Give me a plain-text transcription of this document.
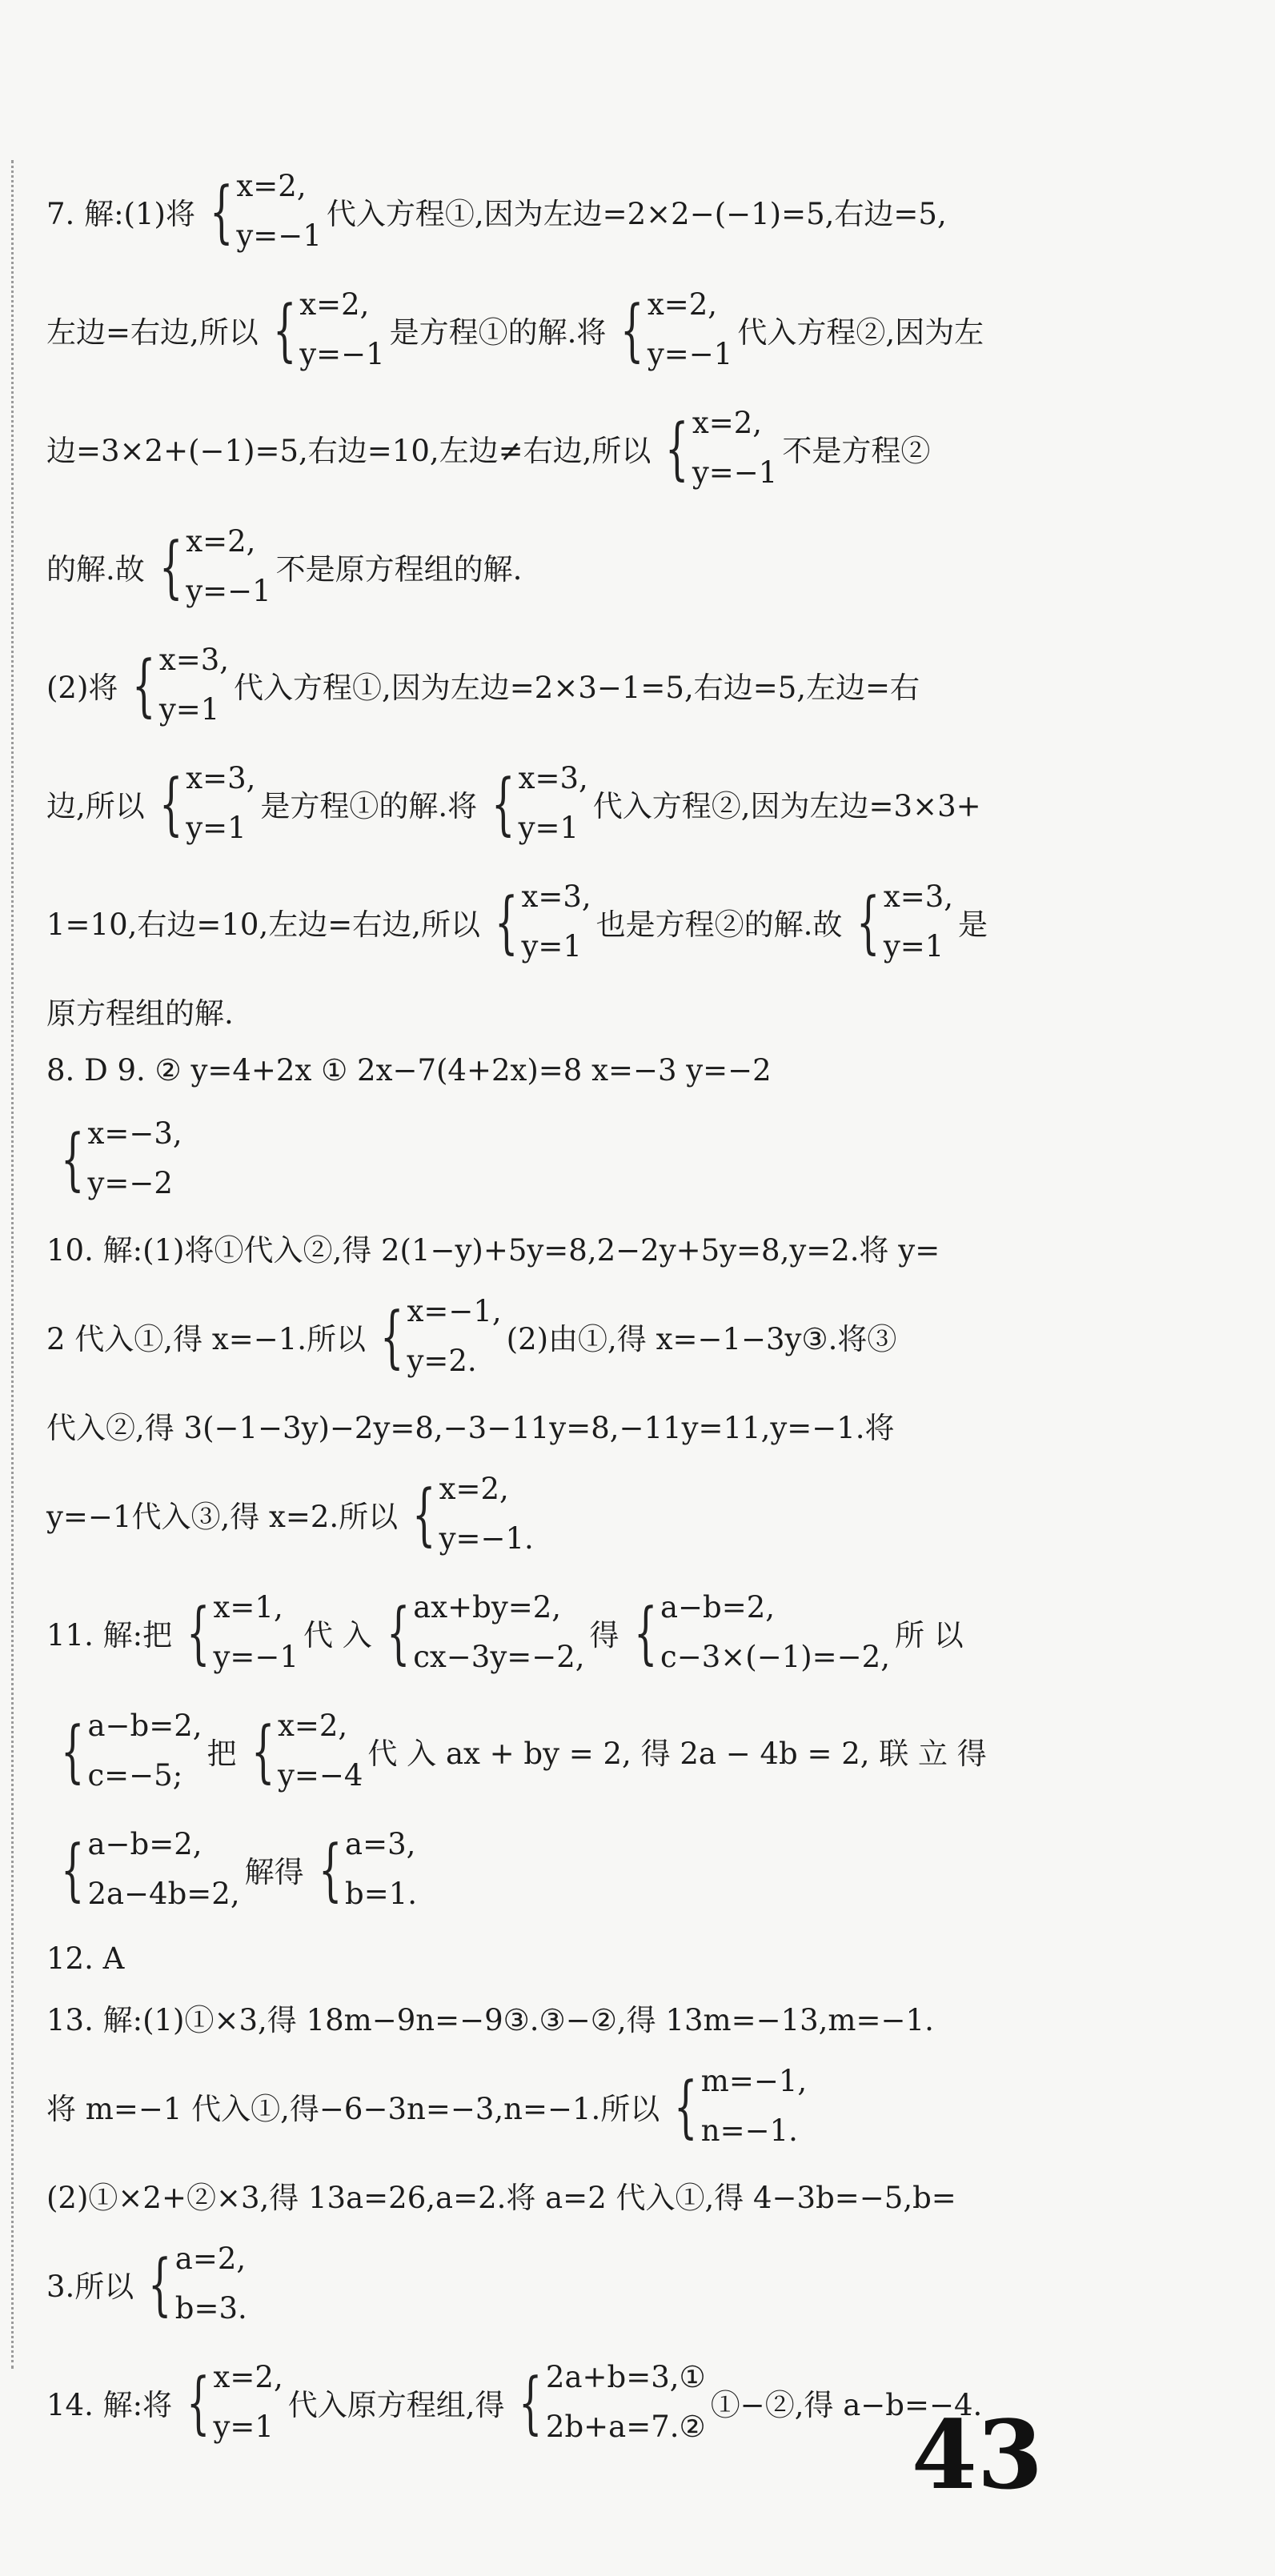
7. 解:(1)将 { x=2,
y=−1
代入方程①,因为左边=2×2−(−1)=5,右边=5,
左边=右边,所以 { x=2,
y=−1
是方程①的解.将 { x=2,
y=−1
代入方程②,因为左
边=3×2+(−1)=5,右边=10,左边≠右边,所以 { x=2,
y=−1
不是方程②
的解.故 { x=2,
y=−1
不是原方程组的解.
(2)将 { x=3,
y=1
代入方程①,因为左边=2×3−1=5,右边=5,左边=右
边,所以 { x=3,
y=1
是方程①的解.将 { x=3,
y=1
代入方程②,因为左边=3×3+
1=10,右边=10,左边=右边,所以 { x=3,
y=1
也是方程②的解.故 { x=3,
y=1
是
原方程组的解.
8. D 9. ② y=4+2x ① 2x−7(4+2x)=8 x=−3 y=−2
{ x=−3,
y=−2
10. 解:(1)将①代入②,得 2(1−y)+5y=8,2−2y+5y=8,y=2.将 y=
2 代入①,得 x=−1.所以 { x=−1,
y=2.
(2)由①,得 x=−1−3y③.将③
代入②,得 3(−1−3y)−2y=8,−3−11y=8,−11y=11,y=−1.将
y=−1代入③,得 x=2.所以 { x=2,
y=−1.
11. 解:把 { x=1,
y=−1
代 入 { ax+by=2,
cx−3y=−2,
得 { a−b=2,
c−3×(−1)=−2,
所 以
{ a−b=2,
c=−5;
把 { x=2,
y=−4
代 入 ax + by = 2, 得 2a − 4b = 2, 联 立 得
{ a−b=2,
2a−4b=2,
解得 { a=3,
b=1.
12. A
13. 解:(1)①×3,得 18m−9n=−9③.③−②,得 13m=−13,m=−1.
将 m=−1 代入①,得−6−3n=−3,n=−1.所以 { m=−1,
n=−1.
(2)①×2+②×3,得 13a=26,a=2.将 a=2 代入①,得 4−3b=−5,b=
3.所以 { a=2,
b=3.
14. 解:将 { x=2,
y=1
代入原方程组,得 { 2a+b=3,①
2b+a=7.②
①−②,得 a−b=−4.
43
